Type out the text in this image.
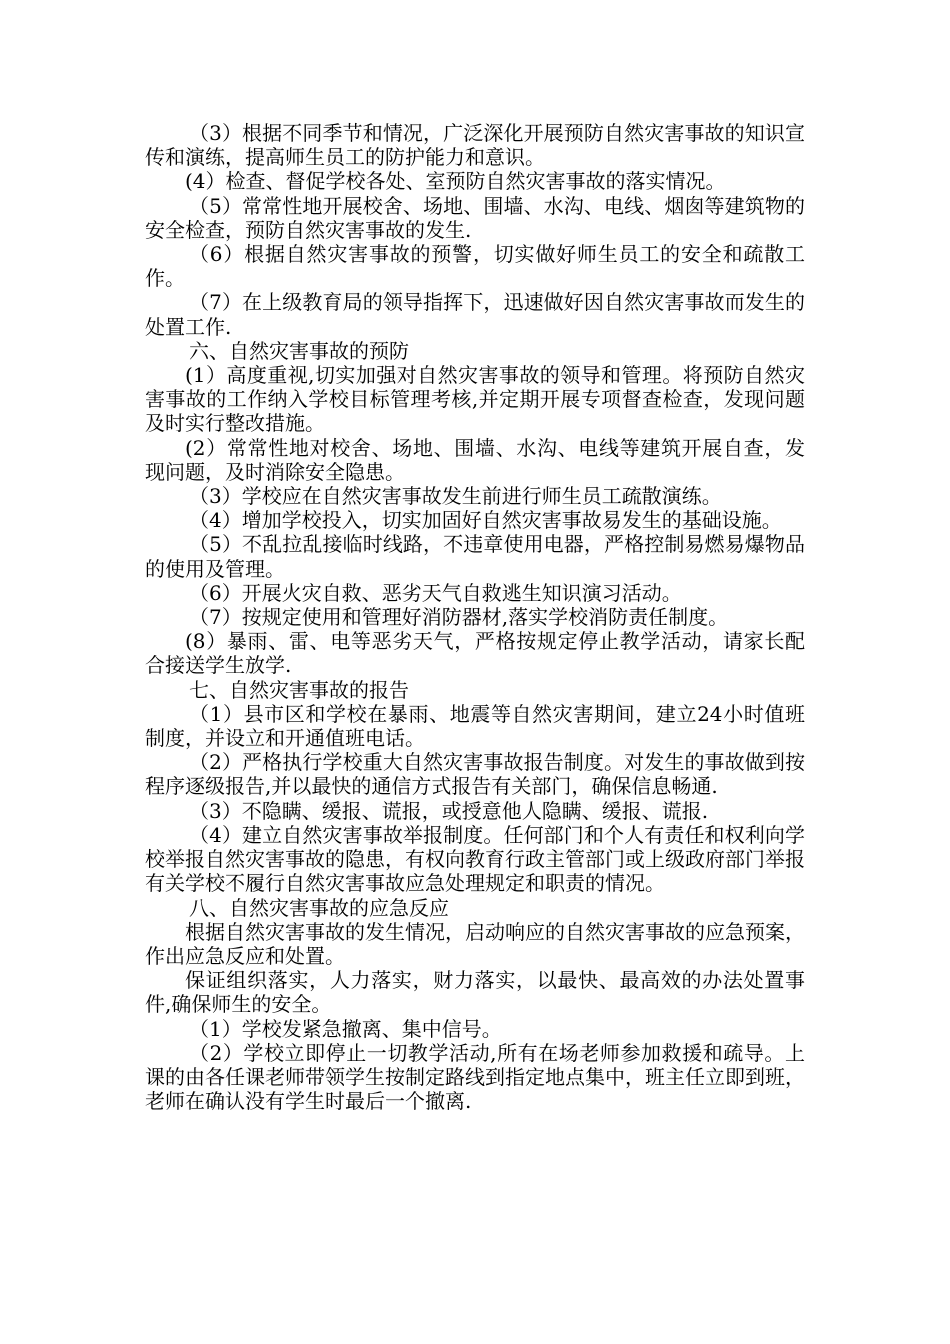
（3）根据不同季节和情况，广泛深化开展预防自然灾害事故的知识宣传和演练，提高师生员工的防护能力和意识。

(4）检查、督促学校各处、室预防自然灾害事故的落实情况。

（5）常常性地开展校舍、场地、围墙、水沟、电线、烟囱等建筑物的安全检查，预防自然灾害事故的发生.

（6）根据自然灾害事故的预警，切实做好师生员工的安全和疏散工作。

（7）在上级教育局的领导指挥下，迅速做好因自然灾害事故而发生的处置工作.

六、自然灾害事故的预防

(1）高度重视,切实加强对自然灾害事故的领导和管理。将预防自然灾害事故的工作纳入学校目标管理考核,并定期开展专项督查检查，发现问题及时实行整改措施。

(2）常常性地对校舍、场地、围墙、水沟、电线等建筑开展自查，发现问题，及时消除安全隐患。

（3）学校应在自然灾害事故发生前进行师生员工疏散演练。

（4）增加学校投入，切实加固好自然灾害事故易发生的基础设施。

（5）不乱拉乱接临时线路，不违章使用电器，严格控制易燃易爆物品的使用及管理。

（6）开展火灾自救、恶劣天气自救逃生知识演习活动。

（7）按规定使用和管理好消防器材,落实学校消防责任制度。

(8）暴雨、雷、电等恶劣天气，严格按规定停止教学活动，请家长配合接送学生放学.

七、自然灾害事故的报告

（1）县市区和学校在暴雨、地震等自然灾害期间，建立24小时值班制度，并设立和开通值班电话。

（2）严格执行学校重大自然灾害事故报告制度。对发生的事故做到按程序逐级报告,并以最快的通信方式报告有关部门，确保信息畅通.

（3）不隐瞒、缓报、谎报，或授意他人隐瞒、缓报、谎报.

（4）建立自然灾害事故举报制度。任何部门和个人有责任和权利向学校举报自然灾害事故的隐患，有权向教育行政主管部门或上级政府部门举报有关学校不履行自然灾害事故应急处理规定和职责的情况。

八、自然灾害事故的应急反应

根据自然灾害事故的发生情况，启动响应的自然灾害事故的应急预案，作出应急反应和处置。

保证组织落实，人力落实，财力落实，以最快、最高效的办法处置事件,确保师生的安全。

（1）学校发紧急撤离、集中信号。

（2）学校立即停止一切教学活动,所有在场老师参加救援和疏导。上课的由各任课老师带领学生按制定路线到指定地点集中，班主任立即到班，老师在确认没有学生时最后一个撤离.
